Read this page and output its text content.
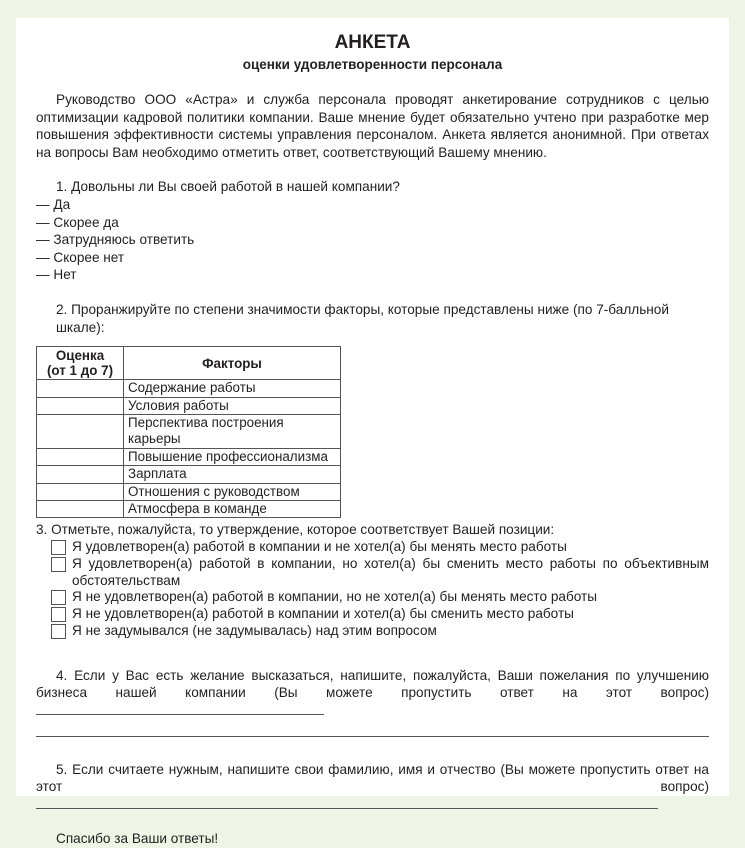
АНКЕТА
оценки удовлетворенности персонала
Руководство ООО «Астра» и служба персонала проводят анкетирование сотрудников с целью оптимизации кадровой политики компании. Ваше мнение будет обязательно учтено при разработке мер повышения эффективности системы управления персоналом. Анкета является анонимной. При ответах на вопросы Вам необходимо отметить ответ, соответствующий Вашему мнению.
1. Довольны ли Вы своей работой в нашей компании?
— Да
— Скорее да
— Затрудняюсь ответить
— Скорее нет
— Нет
2. Проранжируйте по степени значимости факторы, которые представлены ниже (по 7-балльной шкале):
Оценка
(от 1 до 7)	Факторы
	Содержание работы
	Условия работы
	Перспектива построения карьеры
	Повышение профессионализма
	Зарплата
	Отношения с руководством
	Атмосфера в команде
3. Отметьте, пожалуйста, то утверждение, которое соответствует Вашей позиции:
Я удовлетворен(а) работой в компании и не хотел(а) бы менять место работы
Я удовлетворен(а) работой в компании, но хотел(а) бы сменить место работы по объективным обстоятельствам
Я не удовлетворен(а) работой в компании, но не хотел(а) бы менять место работы
Я не удовлетворен(а) работой в компании и хотел(а) бы сменить место работы
Я не задумывался (не задумывалась) над этим вопросом
4. Если у Вас есть желание высказаться, напишите, пожалуйста, Ваши пожелания по улучшению бизнеса нашей компании (Вы можете пропустить ответ на этот вопрос)
5. Если считаете нужным, напишите свои фамилию, имя и отчество (Вы можете пропустить ответ на этот вопрос)
Спасибо за Ваши ответы!
